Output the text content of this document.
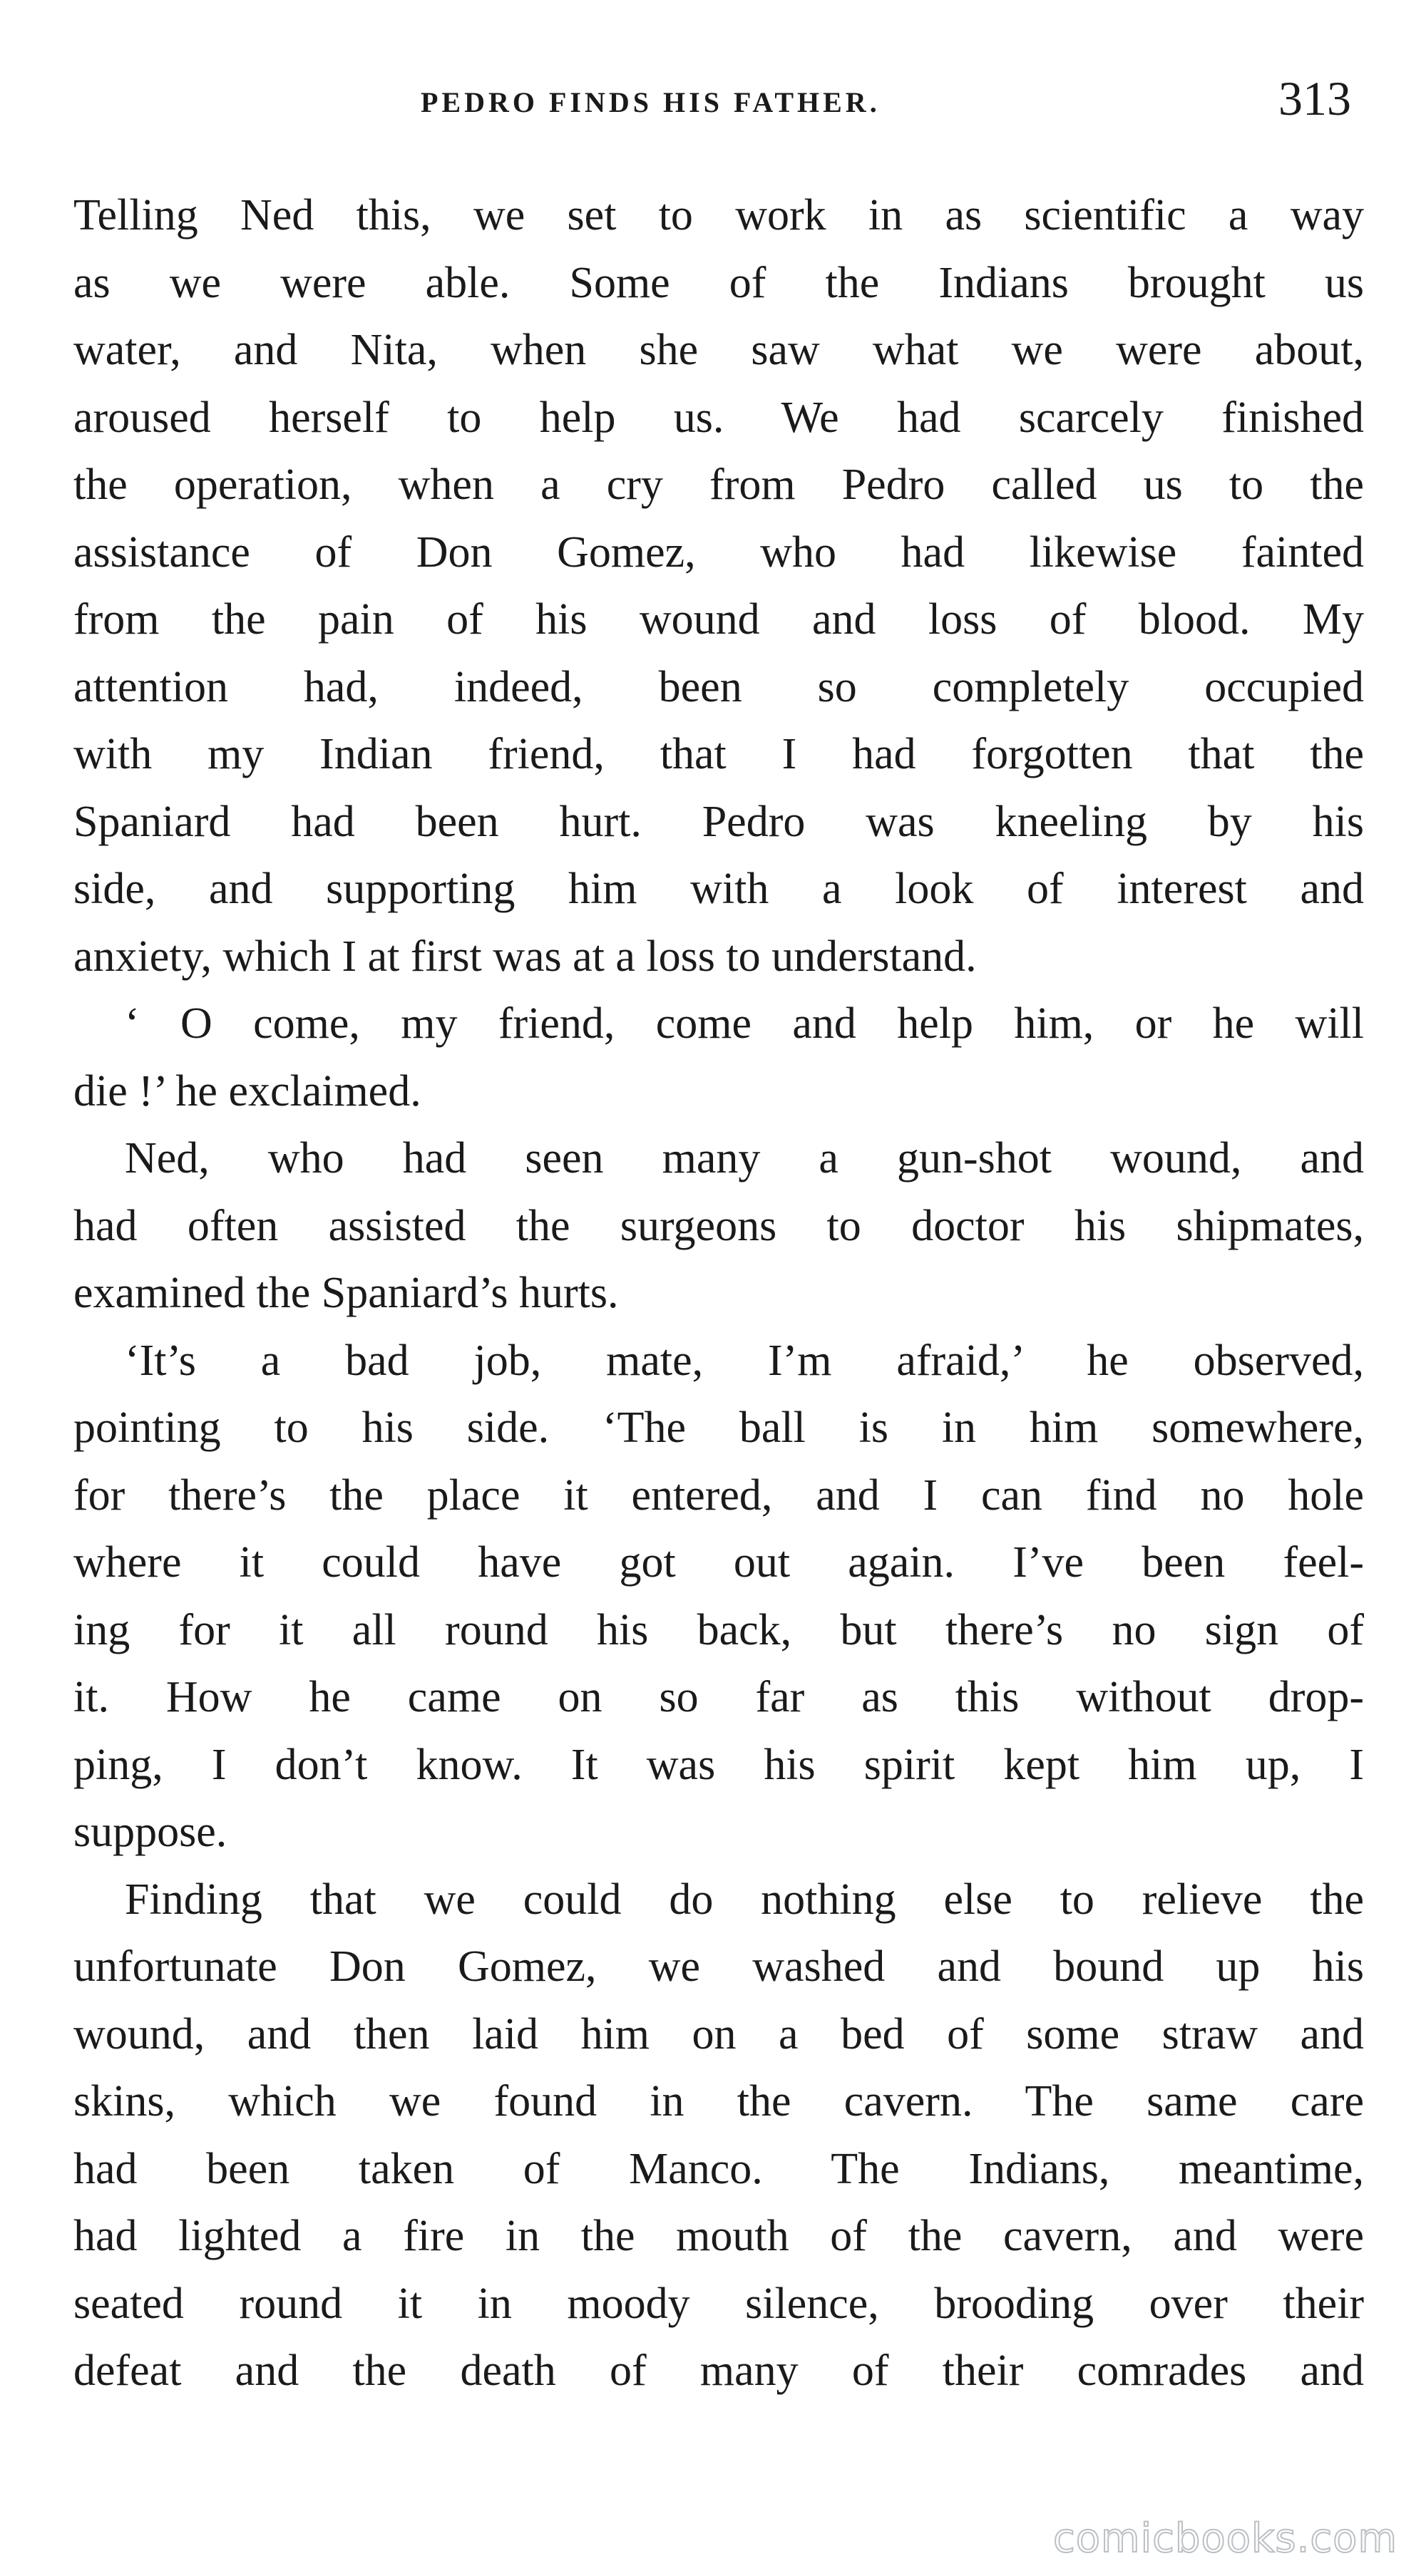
PEDRO FINDS HIS FATHER.	313
Telling Ned this, we set to work in as scientific a way
as we were able. Some of the Indians brought us
water, and Nita, when she saw what we were about,
aroused herself to help us. We had scarcely finished
the operation, when a cry from Pedro called us to the
assistance of Don Gomez, who had likewise fainted
from the pain of his wound and loss of blood. My
attention had, indeed, been so completely occupied
with my Indian friend, that I had forgotten that the
Spaniard had been hurt. Pedro was kneeling by his
side, and supporting him with a look of interest and
anxiety, which I at first was at a loss to understand.
‘ O come, my friend, come and help him, or he will
die !’ he exclaimed.
Ned, who had seen many a gun-shot wound, and
had often assisted the surgeons to doctor his shipmates,
examined the Spaniard’s hurts.
‘It’s a bad job, mate, I’m afraid,’ he observed,
pointing to his side. ‘The ball is in him somewhere,
for there’s the place it entered, and I can find no hole
where it could have got out again. I’ve been feel-
ing for it all round his back, but there’s no sign of
it. How he came on so far as this without drop-
ping, I don’t know. It was his spirit kept him up, I
suppose.
Finding that we could do nothing else to relieve the
unfortunate Don Gomez, we washed and bound up his
wound, and then laid him on a bed of some straw and
skins, which we found in the cavern. The same care
had been taken of Manco. The Indians, meantime,
had lighted a fire in the mouth of the cavern, and were
seated round it in moody silence, brooding over their
defeat and the death of many of their comrades and
comicbooks.com
